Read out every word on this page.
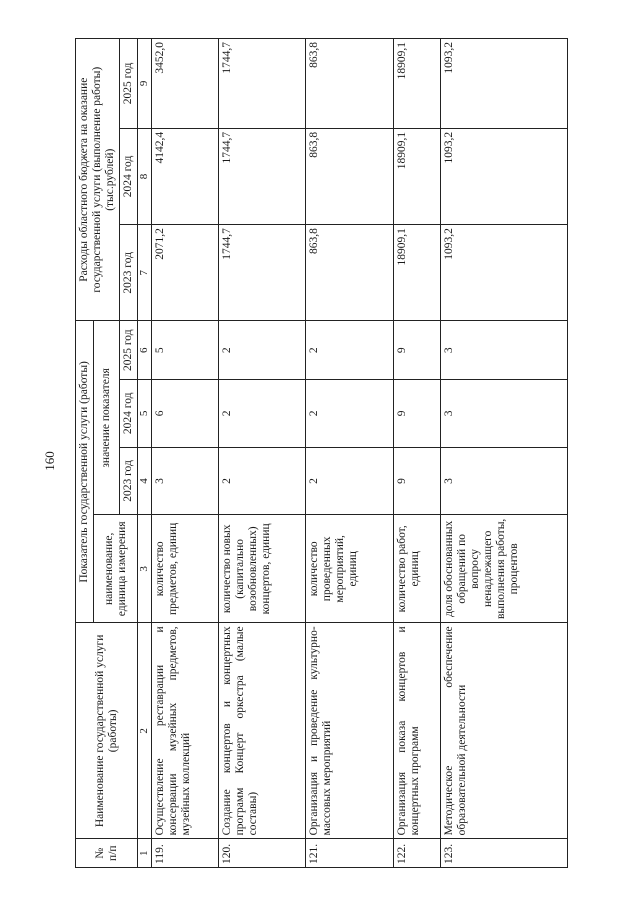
160
№ п/п	Наименование государственной услуги (работы)	Показатель государственной услуги (работы)				Расходы областного бюджета на оказание государственной услуги (выполнение работы) (тыс.рублей)		
		наименование, единица измерения	значение показателя					
			2023 год	2024 год	2025 год	2023 год	2024 год	2025 год
1	2	3	4	5	6	7	8	9
119.	Осуществление реставрации и консервации музейных предметов, музейных коллекций	количество предметов, единиц	3	6	5	2071,2	4142,4	3452,0
120.	Создание концертов и концертных программ Концерт оркестра (малые составы)	количество новых (капитально возобновленных) концертов, единиц	2	2	2	1744,7	1744,7	1744,7
121.	Организация и проведение культурно-массовых мероприятий	количество проведенных мероприятий, единиц	2	2	2	863,8	863,8	863,8
122.	Организация показа концертов и концертных программ	количество работ, единиц	9	9	9	18909,1	18909,1	18909,1
123.	Методическое обеспечение образовательной деятельности	доля обоснованных обращений по вопросу ненадлежащего выполнения работы, процентов	3	3	3	1093,2	1093,2	1093,2
